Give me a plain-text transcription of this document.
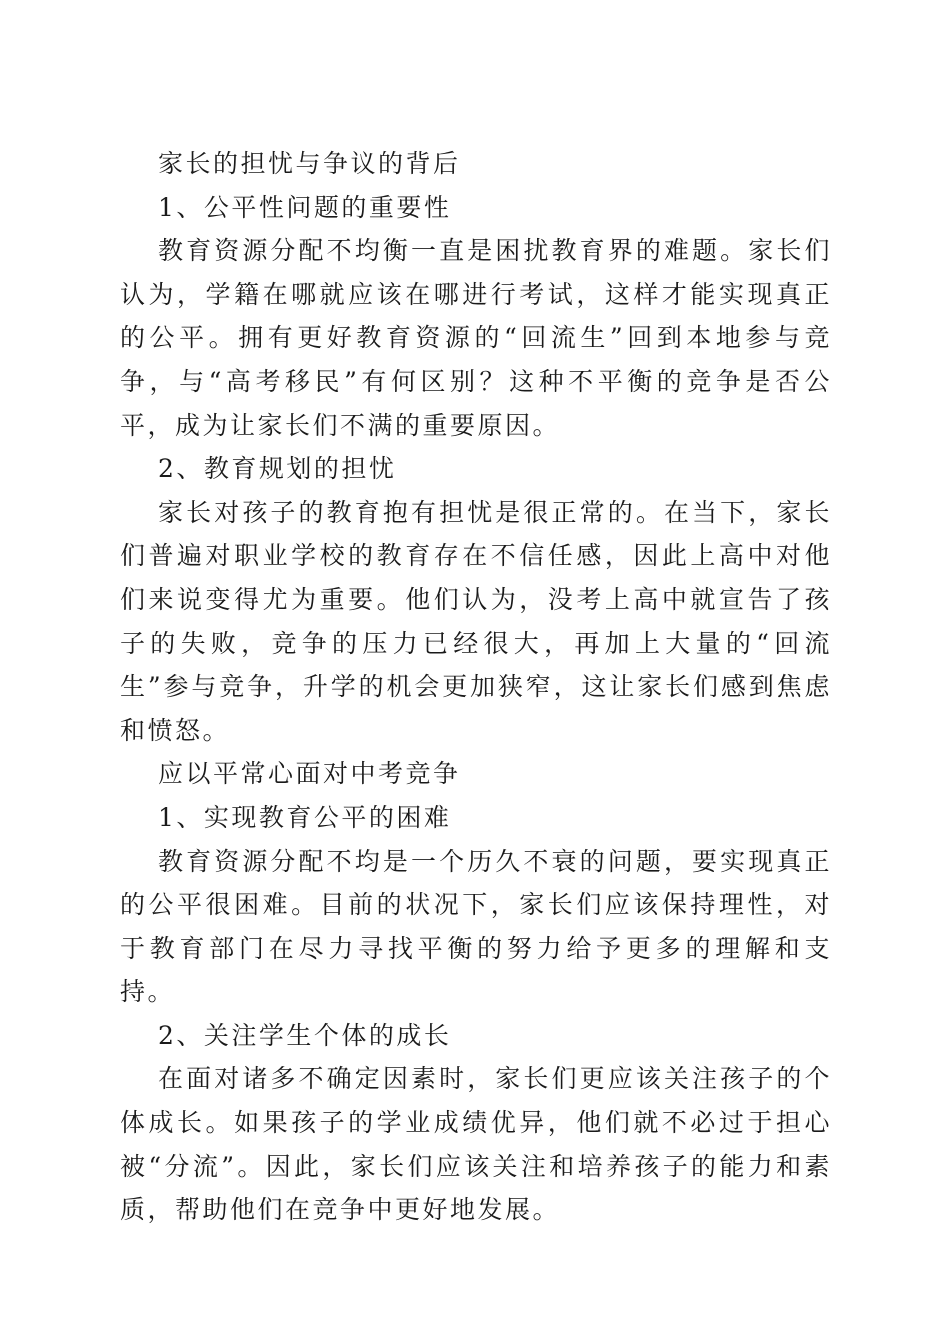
家长的担忧与争议的背后

1、公平性问题的重要性

教育资源分配不均衡一直是困扰教育界的难题。家长们认为，学籍在哪就应该在哪进行考试，这样才能实现真正的公平。拥有更好教育资源的“回流生”回到本地参与竞争，与“高考移民”有何区别？这种不平衡的竞争是否公平，成为让家长们不满的重要原因。

2、教育规划的担忧

家长对孩子的教育抱有担忧是很正常的。在当下，家长们普遍对职业学校的教育存在不信任感，因此上高中对他们来说变得尤为重要。他们认为，没考上高中就宣告了孩子的失败，竞争的压力已经很大，再加上大量的“回流生”参与竞争，升学的机会更加狭窄，这让家长们感到焦虑和愤怒。

应以平常心面对中考竞争

1、实现教育公平的困难

教育资源分配不均是一个历久不衰的问题，要实现真正的公平很困难。目前的状况下，家长们应该保持理性，对于教育部门在尽力寻找平衡的努力给予更多的理解和支持。

2、关注学生个体的成长

在面对诸多不确定因素时，家长们更应该关注孩子的个体成长。如果孩子的学业成绩优异，他们就不必过于担心被“分流”。因此，家长们应该关注和培养孩子的能力和素质，帮助他们在竞争中更好地发展。
